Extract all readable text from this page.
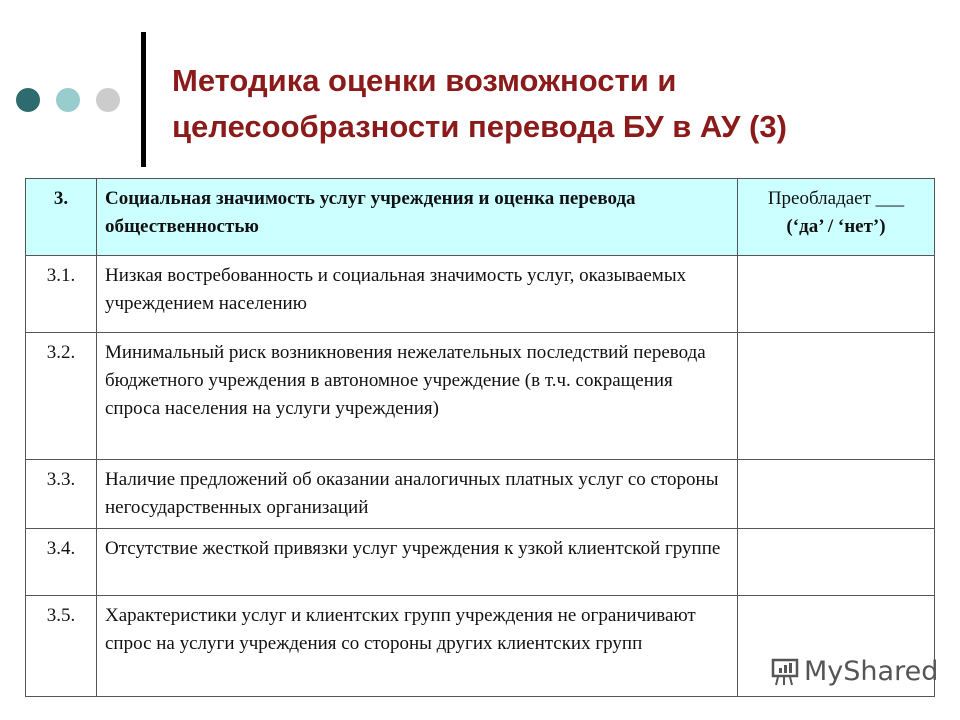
Методика оценки возможности и
целесообразности перевода БУ в АУ (3)
3.	Социальная значимость услуг учреждения и оценка перевода общественностью	Преобладает ___
(‘да’ / ‘нет’)

3.1.	Низкая востребованность и социальная значимость услуг, оказываемых учреждением населению	
3.2.	Минимальный риск возникновения нежелательных последствий перевода бюджетного учреждения в автономное учреждение (в т.ч. сокращения спроса населения на услуги учреждения)	
3.3.	Наличие предложений об оказании аналогичных платных услуг со стороны негосударственных организаций	
3.4.	Отсутствие жесткой привязки услуг учреждения к узкой клиентской группе	
3.5.	Характеристики услуг и клиентских групп учреждения не ограничивают спрос на услуги учреждения со стороны других клиентских групп	
MyShared
